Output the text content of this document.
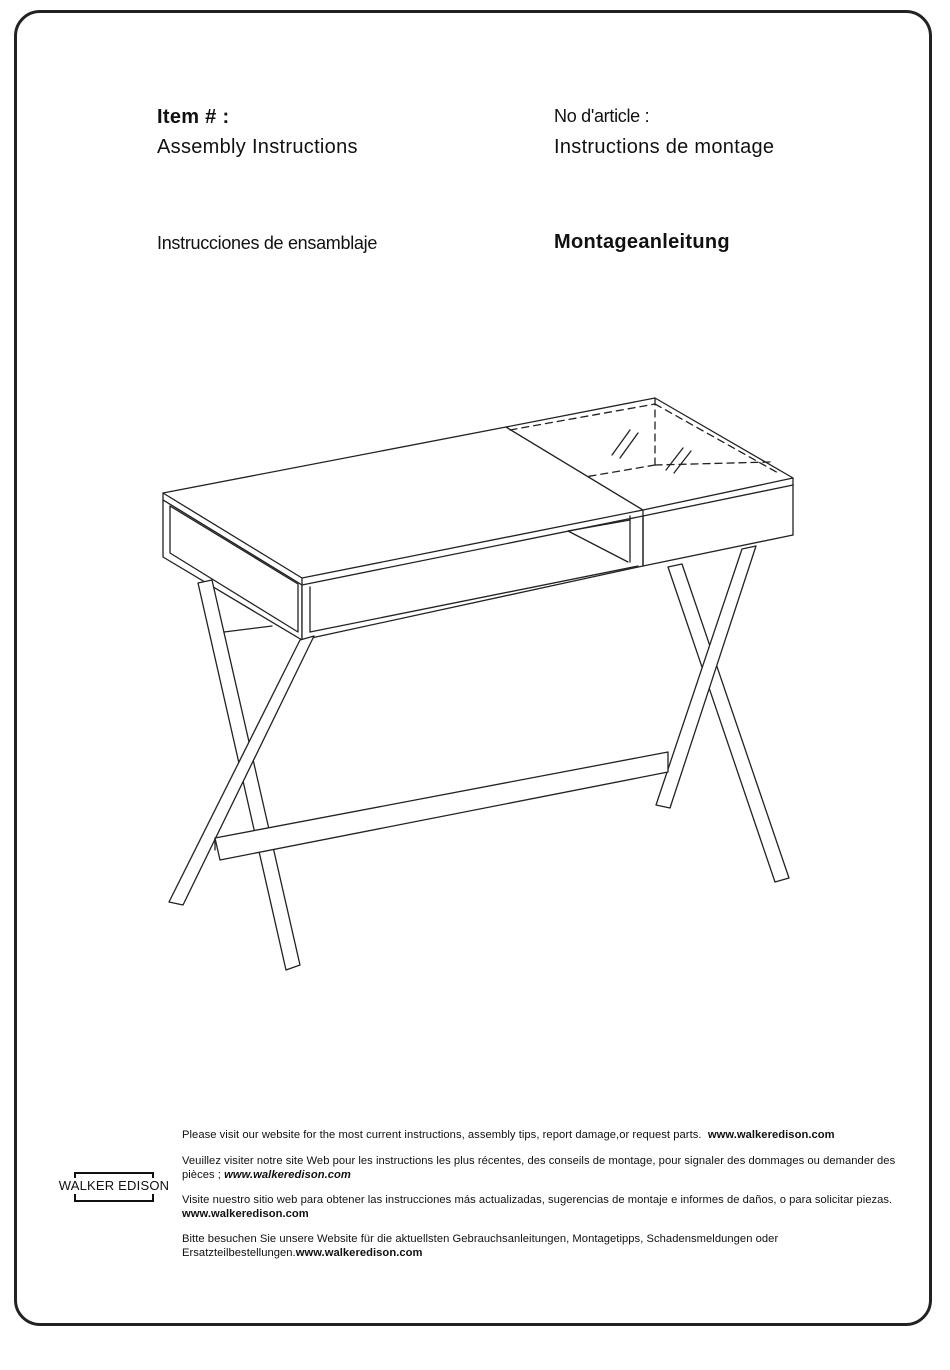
Item # :
Assembly Instructions
No d'article :
Instructions de montage
Instrucciones de ensamblaje	Montageanleitung
WALKER EDISON
Please visit our website for the most current instructions, assembly tips, report damage,or request parts. www.walkeredison.com
Veuillez visiter notre site Web pour les instructions les plus récentes, des conseils de montage, pour signaler des dommages ou demander des pièces ; www.walkeredison.com
Visite nuestro sitio web para obtener las instrucciones más actualizadas, sugerencias de montaje e informes de daños, o para solicitar piezas. www.walkeredison.com
Bitte besuchen Sie unsere Website für die aktuellsten Gebrauchsanleitungen, Montagetipps, Schadensmeldungen oder Ersatzteilbestellungen.www.walkeredison.com
